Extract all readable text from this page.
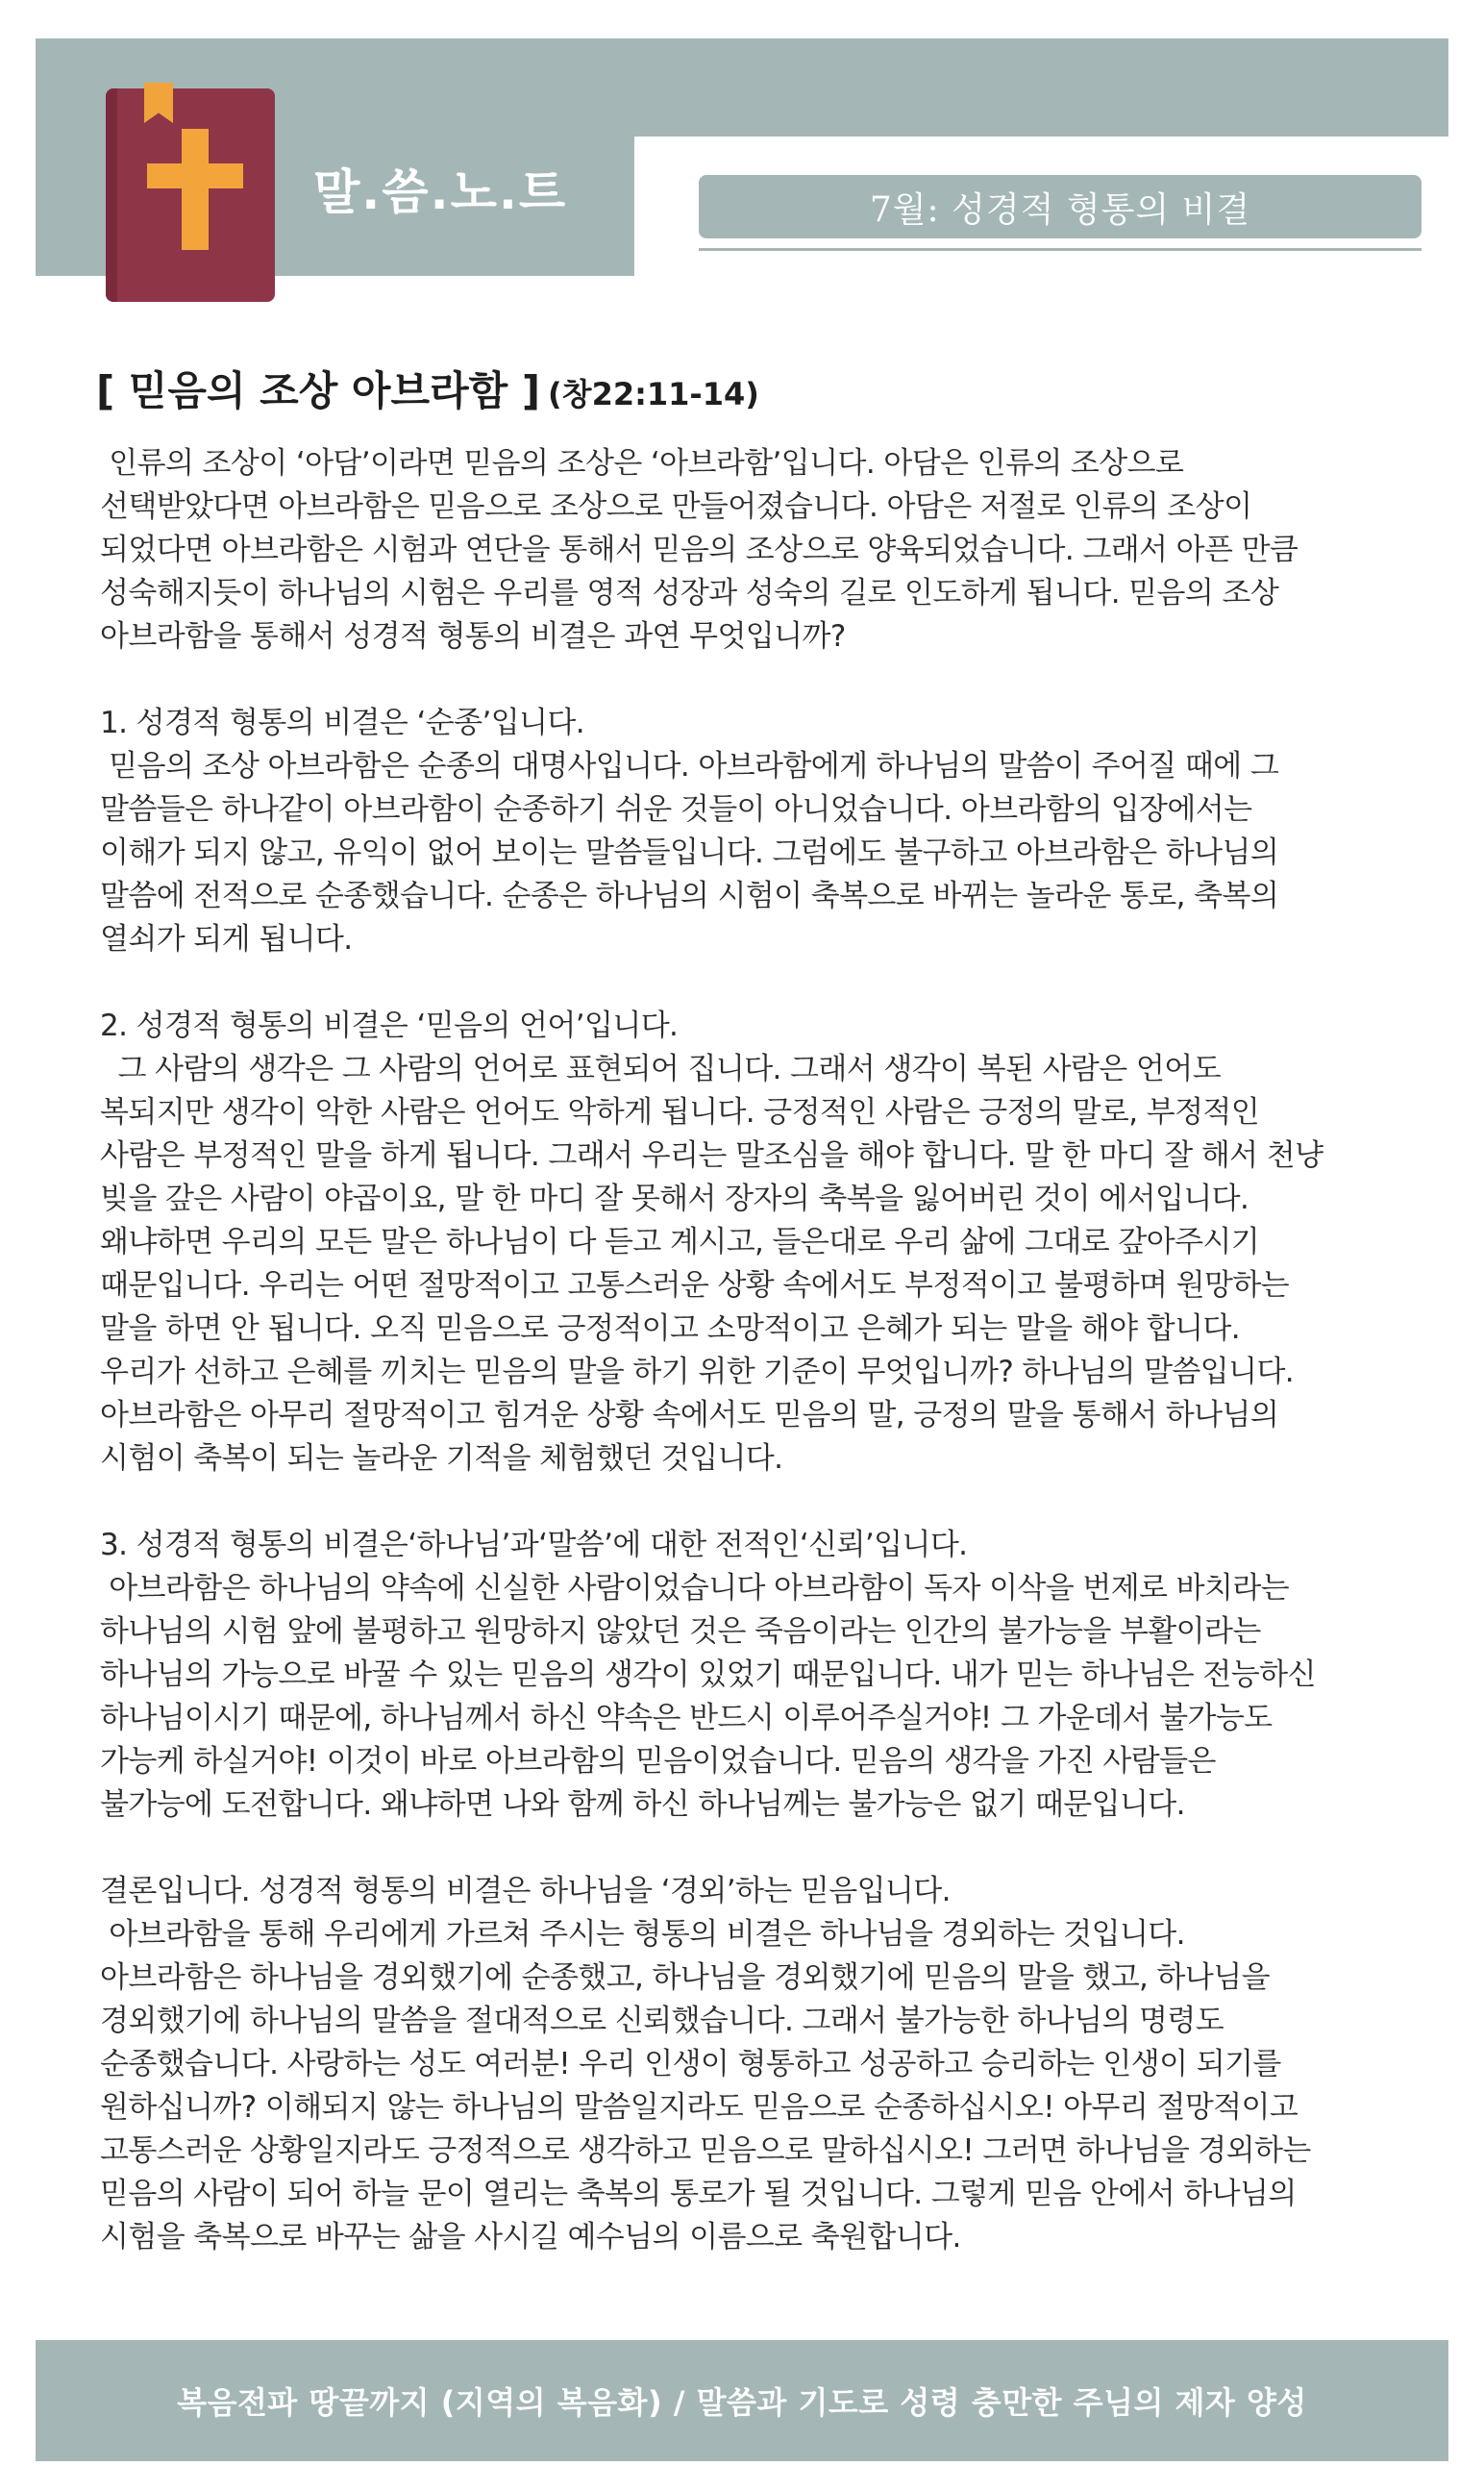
말.씀.노.트	7월: 성경적 형통의 비결
[ 믿음의 조상 아브라함 ] (창22:11-14)
인류의 조상이 ‘아담’이라면 믿음의 조상은 ‘아브라함’입니다. 아담은 인류의 조상으로
선택받았다면 아브라함은 믿음으로 조상으로 만들어졌습니다. 아담은 저절로 인류의 조상이
되었다면 아브라함은 시험과 연단을 통해서 믿음의 조상으로 양육되었습니다. 그래서 아픈 만큼
성숙해지듯이 하나님의 시험은 우리를 영적 성장과 성숙의 길로 인도하게 됩니다. 믿음의 조상
아브라함을 통해서 성경적 형통의 비결은 과연 무엇입니까?
1. 성경적 형통의 비결은 ‘순종’입니다.
믿음의 조상 아브라함은 순종의 대명사입니다. 아브라함에게 하나님의 말씀이 주어질 때에 그
말씀들은 하나같이 아브라함이 순종하기 쉬운 것들이 아니었습니다. 아브라함의 입장에서는
이해가 되지 않고, 유익이 없어 보이는 말씀들입니다. 그럼에도 불구하고 아브라함은 하나님의
말씀에 전적으로 순종했습니다. 순종은 하나님의 시험이 축복으로 바뀌는 놀라운 통로, 축복의
열쇠가 되게 됩니다.
2. 성경적 형통의 비결은 ‘믿음의 언어’입니다.
그 사람의 생각은 그 사람의 언어로 표현되어 집니다. 그래서 생각이 복된 사람은 언어도
복되지만 생각이 악한 사람은 언어도 악하게 됩니다. 긍정적인 사람은 긍정의 말로, 부정적인
사람은 부정적인 말을 하게 됩니다. 그래서 우리는 말조심을 해야 합니다. 말 한 마디 잘 해서 천냥
빚을 갚은 사람이 야곱이요, 말 한 마디 잘 못해서 장자의 축복을 잃어버린 것이 에서입니다.
왜냐하면 우리의 모든 말은 하나님이 다 듣고 계시고, 들은대로 우리 삶에 그대로 갚아주시기
때문입니다. 우리는 어떤 절망적이고 고통스러운 상황 속에서도 부정적이고 불평하며 원망하는
말을 하면 안 됩니다. 오직 믿음으로 긍정적이고 소망적이고 은혜가 되는 말을 해야 합니다.
우리가 선하고 은혜를 끼치는 믿음의 말을 하기 위한 기준이 무엇입니까? 하나님의 말씀입니다.
아브라함은 아무리 절망적이고 힘겨운 상황 속에서도 믿음의 말, 긍정의 말을 통해서 하나님의
시험이 축복이 되는 놀라운 기적을 체험했던 것입니다.
3. 성경적 형통의 비결은‘하나님’과‘말씀’에 대한 전적인‘신뢰’입니다.
아브라함은 하나님의 약속에 신실한 사람이었습니다 아브라함이 독자 이삭을 번제로 바치라는
하나님의 시험 앞에 불평하고 원망하지 않았던 것은 죽음이라는 인간의 불가능을 부활이라는
하나님의 가능으로 바꿀 수 있는 믿음의 생각이 있었기 때문입니다. 내가 믿는 하나님은 전능하신
하나님이시기 때문에, 하나님께서 하신 약속은 반드시 이루어주실거야! 그 가운데서 불가능도
가능케 하실거야! 이것이 바로 아브라함의 믿음이었습니다. 믿음의 생각을 가진 사람들은
불가능에 도전합니다. 왜냐하면 나와 함께 하신 하나님께는 불가능은 없기 때문입니다.
결론입니다. 성경적 형통의 비결은 하나님을 ‘경외’하는 믿음입니다.
아브라함을 통해 우리에게 가르쳐 주시는 형통의 비결은 하나님을 경외하는 것입니다.
아브라함은 하나님을 경외했기에 순종했고, 하나님을 경외했기에 믿음의 말을 했고, 하나님을
경외했기에 하나님의 말씀을 절대적으로 신뢰했습니다. 그래서 불가능한 하나님의 명령도
순종했습니다. 사랑하는 성도 여러분! 우리 인생이 형통하고 성공하고 승리하는 인생이 되기를
원하십니까? 이해되지 않는 하나님의 말씀일지라도 믿음으로 순종하십시오! 아무리 절망적이고
고통스러운 상황일지라도 긍정적으로 생각하고 믿음으로 말하십시오! 그러면 하나님을 경외하는
믿음의 사람이 되어 하늘 문이 열리는 축복의 통로가 될 것입니다. 그렇게 믿음 안에서 하나님의
시험을 축복으로 바꾸는 삶을 사시길 예수님의 이름으로 축원합니다.
복음전파 땅끝까지 (지역의 복음화) / 말씀과 기도로 성령 충만한 주님의 제자 양성
